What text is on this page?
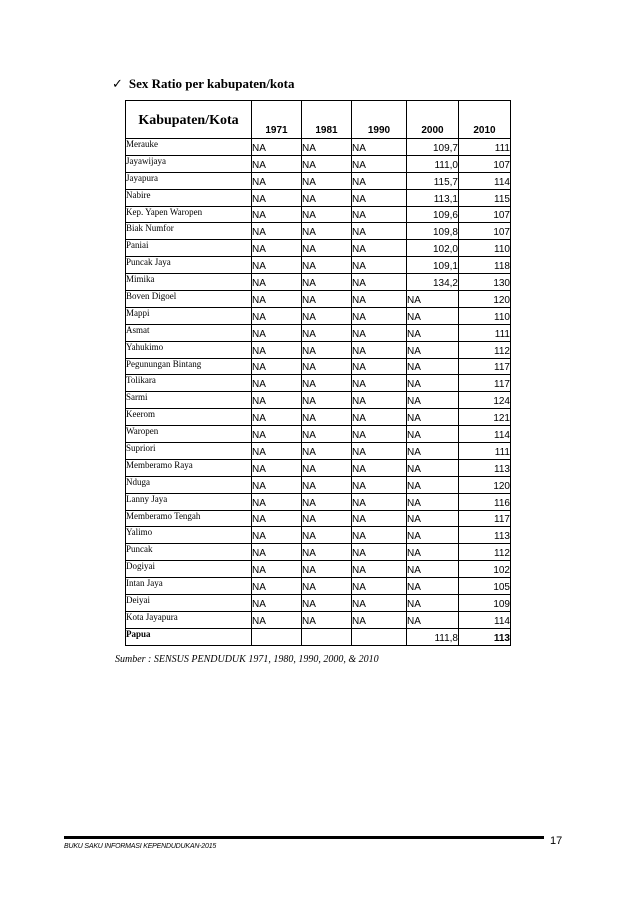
✓ Sex Ratio per kabupaten/kota
Kabupaten/Kota	1971	1981	1990	2000	2010
Merauke	NA	NA	NA	109,7	111
Jayawijaya	NA	NA	NA	111,0	107
Jayapura	NA	NA	NA	115,7	114
Nabire	NA	NA	NA	113,1	115
Kep. Yapen Waropen	NA	NA	NA	109,6	107
Biak Numfor	NA	NA	NA	109,8	107
Paniai	NA	NA	NA	102,0	110
Puncak Jaya	NA	NA	NA	109,1	118
Mimika	NA	NA	NA	134,2	130
Boven Digoel	NA	NA	NA	NA	120
Mappi	NA	NA	NA	NA	110
Asmat	NA	NA	NA	NA	111
Yahukimo	NA	NA	NA	NA	112
Pegunungan Bintang	NA	NA	NA	NA	117
Tolikara	NA	NA	NA	NA	117
Sarmi	NA	NA	NA	NA	124
Keerom	NA	NA	NA	NA	121
Waropen	NA	NA	NA	NA	114
Supriori	NA	NA	NA	NA	111
Memberamo Raya	NA	NA	NA	NA	113
Nduga	NA	NA	NA	NA	120
Lanny Jaya	NA	NA	NA	NA	116
Memberamo Tengah	NA	NA	NA	NA	117
Yalimo	NA	NA	NA	NA	113
Puncak	NA	NA	NA	NA	112
Dogiyai	NA	NA	NA	NA	102
Intan Jaya	NA	NA	NA	NA	105
Deiyai	NA	NA	NA	NA	109
Kota Jayapura	NA	NA	NA	NA	114
Papua				111,8	113
Sumber : SENSUS PENDUDUK 1971, 1980, 1990, 2000, & 2010
BUKU SAKU INFORMASI KEPENDUDUKAN-2015	17
